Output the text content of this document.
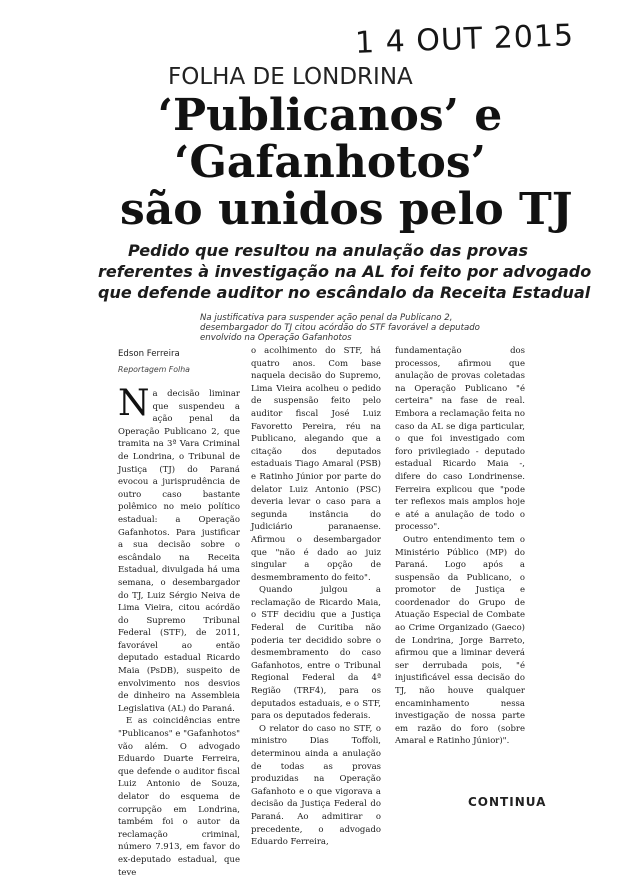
1 4 OUT 2015
FOLHA DE LONDRINA
‘Publicanos’ e
‘Gafanhotos’
são unidos pelo TJ
Pedido que resultou na anulação das provas
referentes à investigação na AL foi feito por advogado
que defende auditor no escândalo da Receita Estadual
Na justificativa para suspender ação penal da Publicano 2, desembargador do TJ citou acórdão do STF favorável a deputado envolvido na Operação Gafanhotos
Edson Ferreira
Reportagem Folha
N a decisão liminar que suspendeu a ação penal da Operação Publicano 2, que tramita na 3ª Vara Criminal de Londrina, o Tribunal de Justiça (TJ) do Paraná evocou a jurisprudência de outro caso bastante polêmico no meio político estadual: a Operação Gafanhotos. Para justificar a sua decisão sobre o escândalo na Receita Estadual, divulgada há uma semana, o desembargador do TJ, Luiz Sérgio Neiva de Lima Vieira, citou acórdão do Supremo Tribunal Federal (STF), de 2011, favorável ao então deputado estadual Ricardo Maia (PsDB), suspeito de envolvimento nos desvios de dinheiro na Assembleia Legislativa (AL) do Paraná.

E as coincidências entre "Publicanos" e "Gafanhotos" vão além. O advogado Eduardo Duarte Ferreira, que defende o auditor fiscal Luiz Antonio de Souza, delator do esquema de corrupção em Londrina, também foi o autor da reclamação criminal, número 7.913, em favor do ex-deputado estadual, que teve

o acolhimento do STF, há quatro anos. Com base naquela decisão do Supremo, Lima Vieira acolheu o pedido de suspensão feito pelo auditor fiscal José Luiz Favoretto Pereira, réu na Publicano, alegando que a citação dos deputados estaduais Tiago Amaral (PSB) e Ratinho Júnior por parte do delator Luiz Antonio (PSC) deveria levar o caso para a segunda instância do Judiciário paranaense. Afirmou o desembargador que "não é dado ao juiz singular a opção de desmembramento do feito".

Quando julgou a reclamação de Ricardo Maia, o STF decidiu que a Justiça Federal de Curitiba não poderia ter decidido sobre o desmembramento do caso Gafanhotos, entre o Tribunal Regional Federal da 4ª Região (TRF4), para os deputados estaduais, e o STF, para os deputados federais.

O relator do caso no STF, o ministro Dias Toffoli, determinou ainda a anulação de todas as provas produzidas na Operação Gafanhoto e o que vigorava a decisão da Justiça Federal do Paraná. Ao admitirar o precedente, o advogado Eduardo Ferreira,

fundamentação dos processos, afirmou que anulação de provas coletadas na Operação Publicano "é certeira" na fase de real. Embora a reclamação feita no caso da AL se diga particular, o que foi investigado com foro privilegiado - deputado estadual Ricardo Maia -, difere do caso Londrinense. Ferreira explicou que "pode ter reflexos mais amplos hoje e até a anulação de todo o processo".

Outro entendimento tem o Ministério Público (MP) do Paraná. Logo após a suspensão da Publicano, o promotor de Justiça e coordenador do Grupo de Atuação Especial de Combate ao Crime Organizado (Gaeco) de Londrina, Jorge Barreto, afirmou que a liminar deverá ser derrubada pois, "é injustificável essa decisão do TJ, não houve qualquer encaminhamento nessa investigação de nossa parte em razão do foro (sobre Amaral e Ratinho Júnior)".

CONTINUA
